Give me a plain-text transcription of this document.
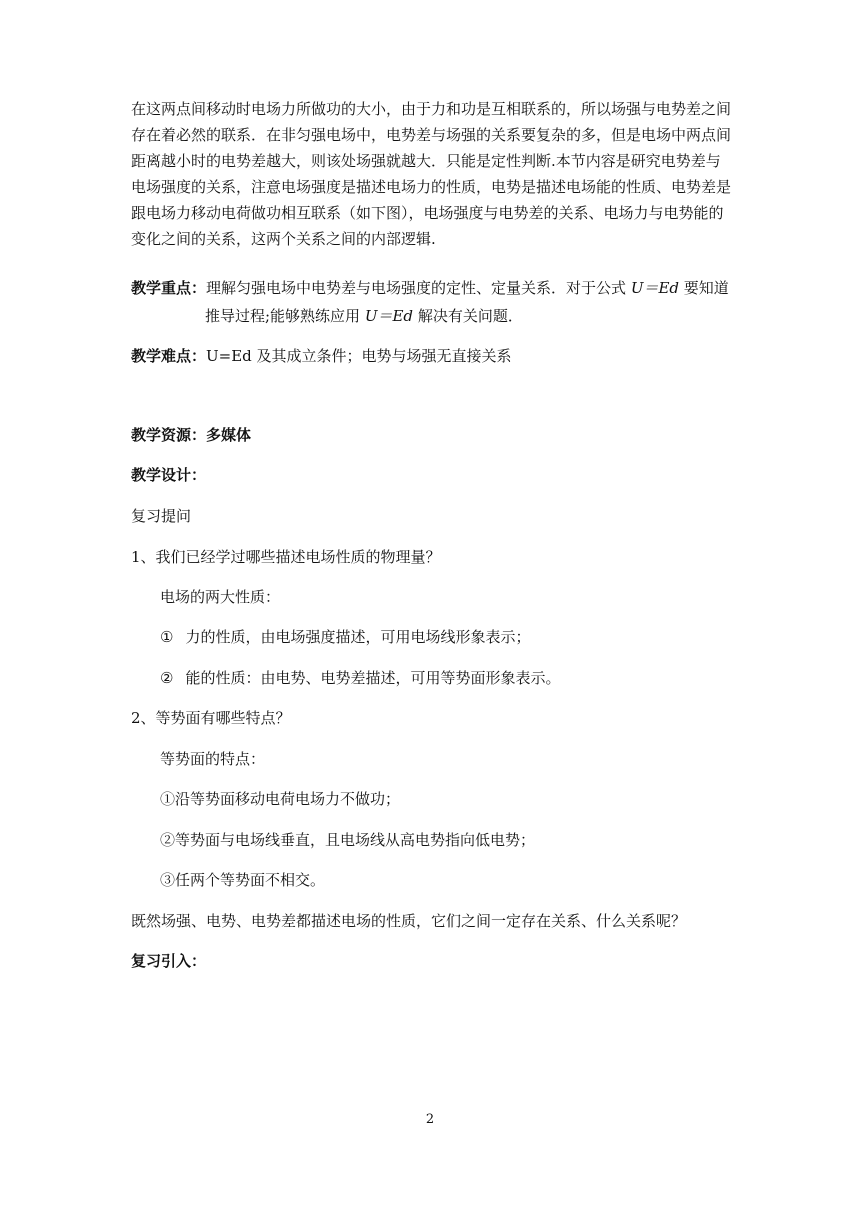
在这两点间移动时电场力所做功的大小，由于力和功是互相联系的，所以场强与电势差之间
存在着必然的联系．在非匀强电场中，电势差与场强的关系要复杂的多，但是电场中两点间
距离越小时的电势差越大，则该处场强就越大．只能是定性判断.本节内容是研究电势差与
电场强度的关系，注意电场强度是描述电场力的性质，电势是描述电场能的性质、电势差是
跟电场力移动电荷做功相互联系（如下图），电场强度与电势差的关系、电场力与电势能的
变化之间的关系，这两个关系之间的内部逻辑.
教学重点：理解匀强电场中电势差与电场强度的定性、定量关系．对于公式 U＝Ed 要知道
推导过程;能够熟练应用 U＝Ed 解决有关问题．
教学难点：U=Ed 及其成立条件；电势与场强无直接关系
教学资源：多媒体
教学设计：
复习提问
1、我们已经学过哪些描述电场性质的物理量？
电场的两大性质：
① 力的性质，由电场强度描述，可用电场线形象表示；
② 能的性质：由电势、电势差描述，可用等势面形象表示。
2、等势面有哪些特点？
等势面的特点：
①沿等势面移动电荷电场力不做功；
②等势面与电场线垂直，且电场线从高电势指向低电势；
③任两个等势面不相交。
既然场强、电势、电势差都描述电场的性质，它们之间一定存在关系、什么关系呢？
复习引入：
2
